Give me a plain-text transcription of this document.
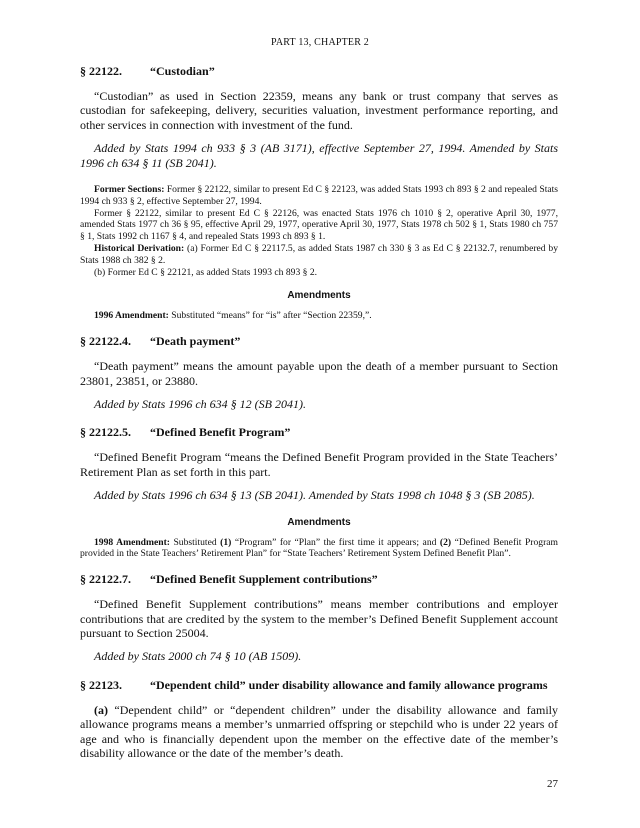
PART 13, CHAPTER 2
§ 22122. “Custodian”

“Custodian” as used in Section 22359, means any bank or trust company that serves as custodian for safekeeping, delivery, securities valuation, investment performance reporting, and other services in connection with investment of the fund.

Added by Stats 1994 ch 933 § 3 (AB 3171), effective September 27, 1994. Amended by Stats 1996 ch 634 § 11 (SB 2041).

Former Sections: Former § 22122, similar to present Ed C § 22123, was added Stats 1993 ch 893 § 2 and repealed Stats 1994 ch 933 § 2, effective September 27, 1994.

Former § 22122, similar to present Ed C § 22126, was enacted Stats 1976 ch 1010 § 2, operative April 30, 1977, amended Stats 1977 ch 36 § 95, effective April 29, 1977, operative April 30, 1977, Stats 1978 ch 502 § 1, Stats 1980 ch 757 § 1, Stats 1992 ch 1167 § 4, and repealed Stats 1993 ch 893 § 1.

Historical Derivation: (a) Former Ed C § 22117.5, as added Stats 1987 ch 330 § 3 as Ed C § 22132.7, renumbered by Stats 1988 ch 382 § 2.

(b) Former Ed C § 22121, as added Stats 1993 ch 893 § 2.

Amendments

1996 Amendment: Substituted “means” for “is” after “Section 22359,”.

§ 22122.4. “Death payment”

“Death payment” means the amount payable upon the death of a member pursuant to Section 23801, 23851, or 23880.

Added by Stats 1996 ch 634 § 12 (SB 2041).

§ 22122.5. “Defined Benefit Program”

“Defined Benefit Program “means the Defined Benefit Program provided in the State Teachers’ Retirement Plan as set forth in this part.

Added by Stats 1996 ch 634 § 13 (SB 2041). Amended by Stats 1998 ch 1048 § 3 (SB 2085).

Amendments

1998 Amendment: Substituted (1) “Program” for “Plan” the first time it appears; and (2) “Defined Benefit Program provided in the State Teachers’ Retirement Plan” for “State Teachers’ Retirement System Defined Benefit Plan”.

§ 22122.7. “Defined Benefit Supplement contributions”

“Defined Benefit Supplement contributions” means member contributions and employer contributions that are credited by the system to the member’s Defined Benefit Supplement account pursuant to Section 25004.

Added by Stats 2000 ch 74 § 10 (AB 1509).

§ 22123. “Dependent child” under disability allowance and family allowance programs

(a) “Dependent child” or “dependent children” under the disability allowance and family allowance programs means a member’s unmarried offspring or stepchild who is under 22 years of age and who is financially dependent upon the member on the effective date of the member’s disability allowance or the date of the member’s death.

27
